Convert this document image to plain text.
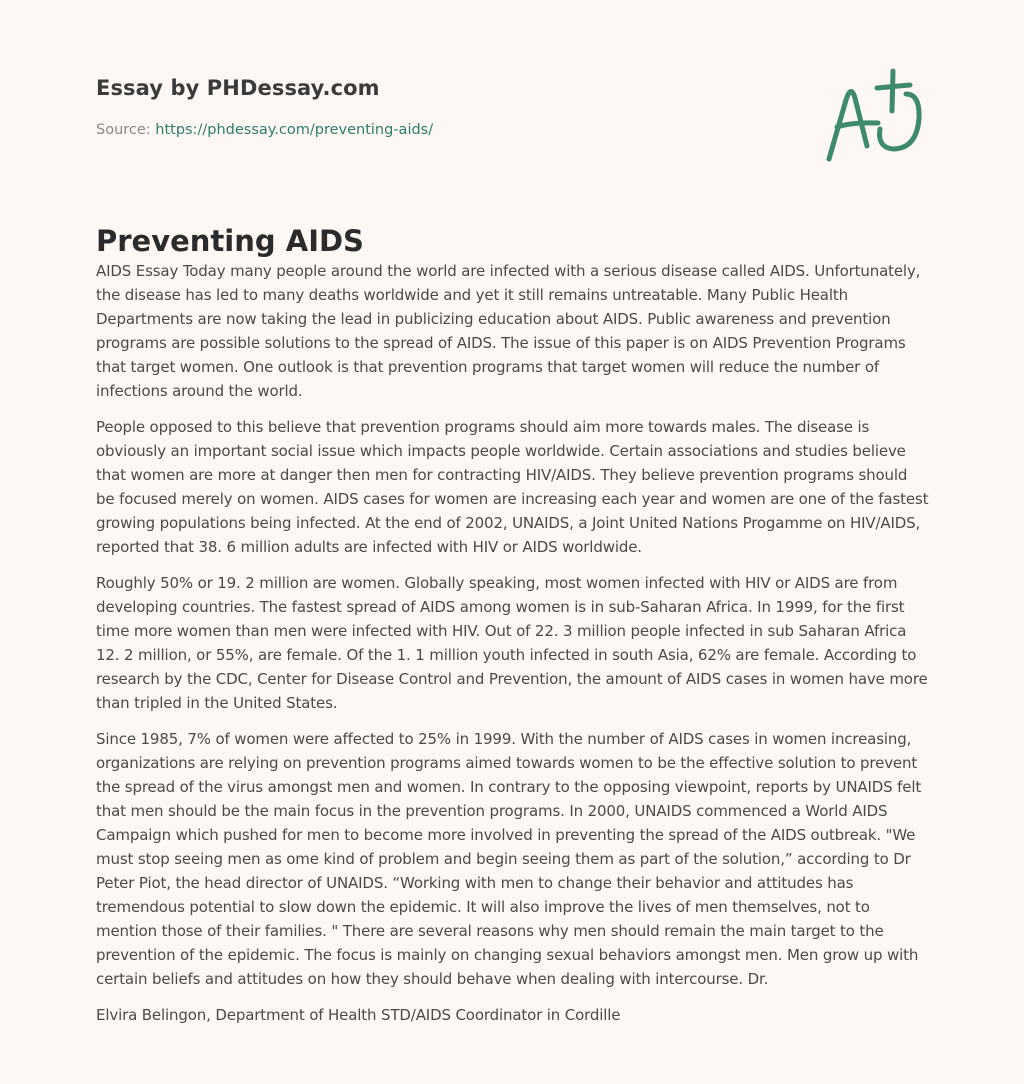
Essay by PHDessay.com
Source: https://phdessay.com/preventing-aids/
Preventing AIDS

AIDS Essay Today many people around the world are infected with a serious disease called AIDS. Unfortunately, the disease has led to many deaths worldwide and yet it still remains untreatable. Many Public Health Departments are now taking the lead in publicizing education about AIDS. Public awareness and prevention programs are possible solutions to the spread of AIDS. The issue of this paper is on AIDS Prevention Programs that target women. One outlook is that prevention programs that target women will reduce the number of infections around the world.

People opposed to this believe that prevention programs should aim more towards males. The disease is obviously an important social issue which impacts people worldwide. Certain associations and studies believe that women are more at danger then men for contracting HIV/AIDS. They believe prevention programs should be focused merely on women. AIDS cases for women are increasing each year and women are one of the fastest growing populations being infected. At the end of 2002, UNAIDS, a Joint United Nations Progamme on HIV/AIDS, reported that 38. 6 million adults are infected with HIV or AIDS worldwide.

Roughly 50% or 19. 2 million are women. Globally speaking, most women infected with HIV or AIDS are from developing countries. The fastest spread of AIDS among women is in sub-Saharan Africa. In 1999, for the first time more women than men were infected with HIV. Out of 22. 3 million people infected in sub Saharan Africa 12. 2 million, or 55%, are female. Of the 1. 1 million youth infected in south Asia, 62% are female. According to research by the CDC, Center for Disease Control and Prevention, the amount of AIDS cases in women have more than tripled in the United States.

Since 1985, 7% of women were affected to 25% in 1999. With the number of AIDS cases in women increasing, organizations are relying on prevention programs aimed towards women to be the effective solution to prevent the spread of the virus amongst men and women. In contrary to the opposing viewpoint, reports by UNAIDS felt that men should be the main focus in the prevention programs. In 2000, UNAIDS commenced a World AIDS Campaign which pushed for men to become more involved in preventing the spread of the AIDS outbreak. "We must stop seeing men as ome kind of problem and begin seeing them as part of the solution,” according to Dr Peter Piot, the head director of UNAIDS. “Working with men to change their behavior and attitudes has tremendous potential to slow down the epidemic. It will also improve the lives of men themselves, not to mention those of their families. " There are several reasons why men should remain the main target to the prevention of the epidemic. The focus is mainly on changing sexual behaviors amongst men. Men grow up with certain beliefs and attitudes on how they should behave when dealing with intercourse. Dr.

Elvira Belingon, Department of Health STD/AIDS Coordinator in Cordille
